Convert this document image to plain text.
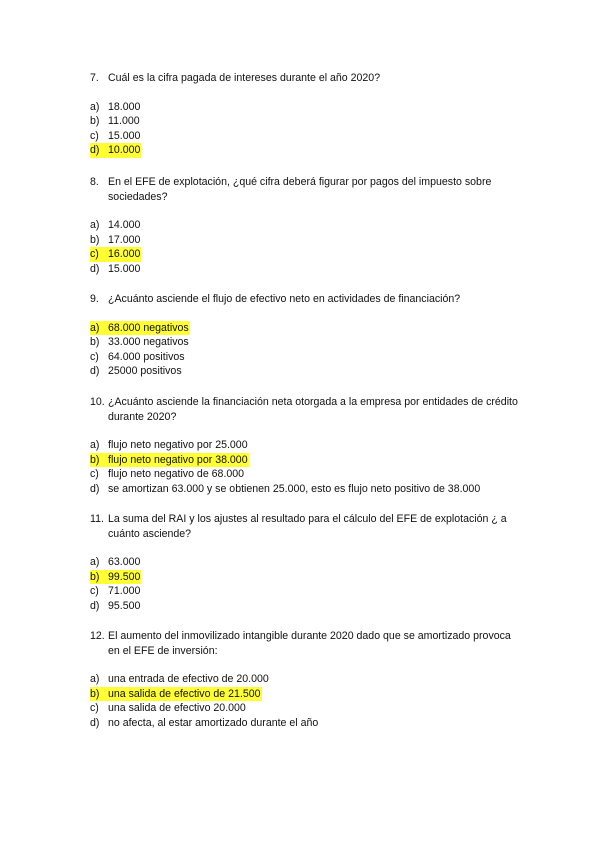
7. Cuál es la cifra pagada de intereses durante el año 2020?
a) 18.000
b) 11.000
c) 15.000
d) 10.000
8. En el EFE de explotación, ¿qué cifra deberá figurar por pagos del impuesto sobre sociedades?
a) 14.000
b) 17.000
c) 16.000
d) 15.000
9. ¿Acuánto asciende el flujo de efectivo neto en actividades de financiación?
a) 68.000 negativos
b) 33.000 negativos
c) 64.000 positivos
d) 25000 positivos
10. ¿Acuánto asciende la financiación neta otorgada a la empresa por entidades de crédito durante 2020?
a) flujo neto negativo por 25.000
b) flujo neto negativo por 38.000
c) flujo neto negativo de 68.000
d) se amortizan 63.000 y se obtienen 25.000, esto es flujo neto positivo de 38.000
11. La suma del RAI y los ajustes al resultado para el cálculo del EFE de explotación ¿ a cuánto asciende?
a) 63.000
b) 99.500
c) 71.000
d) 95.500
12. El aumento del inmovilizado intangible durante 2020 dado que se amortizado provoca en el EFE de inversión:
a) una entrada de efectivo de 20.000
b) una salida de efectivo de 21.500
c) una salida de efectivo 20.000
d) no afecta, al estar amortizado durante el año
